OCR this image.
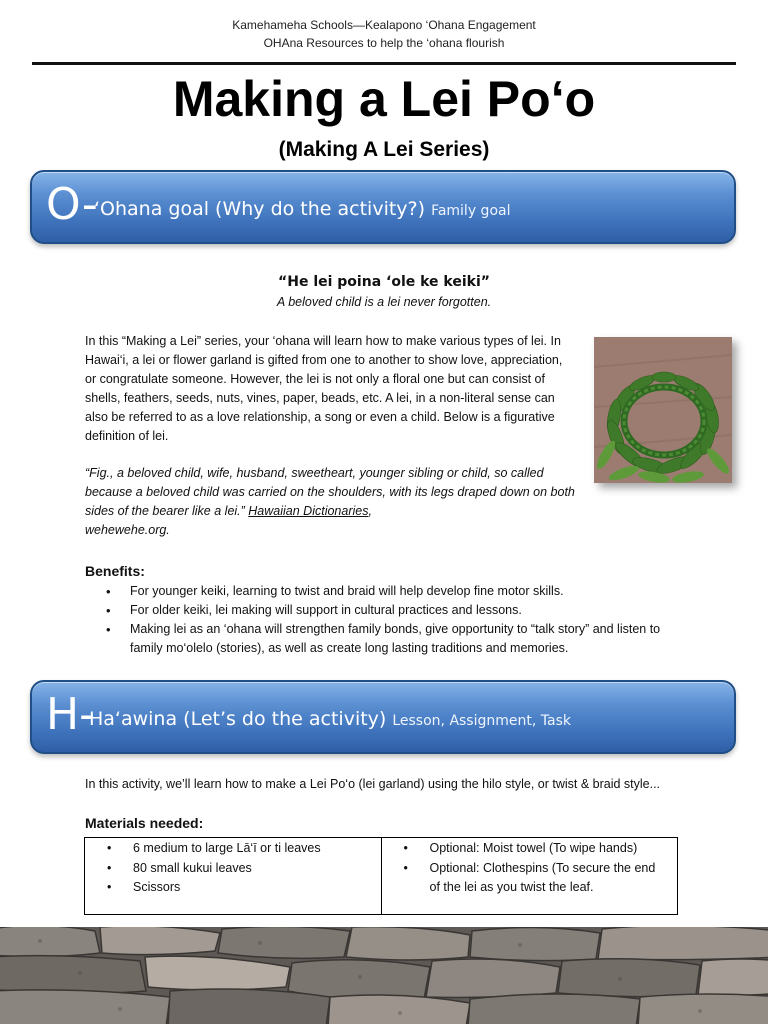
Kamehameha Schools—Kealapono ‘Ohana Engagement
OHAna Resources to help the ‘ohana flourish
Making a Lei Po‘o
(Making A Lei Series)
O-
‘Ohana goal (Why do the activity?) Family goal
“He lei poina ‘ole ke keiki”
A beloved child is a lei never forgotten.

In this “Making a Lei” series, your ‘ohana will learn how to make various types of lei. In Hawai‘i, a lei or flower garland is gifted from one to another to show love, appreciation, or congratulate someone. However, the lei is not only a floral one but can consist of shells, feathers, seeds, nuts, vines, paper, beads, etc. A lei, in a non-literal sense can also be referred to as a love relationship, a song or even a child. Below is a figurative definition of lei.

“Fig., a beloved child, wife, husband, sweetheart, younger sibling or child, so called because a beloved child was carried on the shoulders, with its legs draped down on both sides of the bearer like a lei.” Hawaiian Dictionaries,
wehewehe.org.

Benefits:
• For younger keiki, learning to twist and braid will help develop fine motor skills.
• For older keiki, lei making will support in cultural practices and lessons.
• Making lei as an ‘ohana will strengthen family bonds, give opportunity to “talk story” and listen to family mo‘olelo (stories), as well as create long lasting traditions and memories.
H-
Ha‘awina (Let’s do the activity) Lesson, Assignment, Task
In this activity, we’ll learn how to make a Lei Po‘o (lei garland) using the hilo style, or twist & braid style...
Materials needed:
• 6 medium to large Lā‘ī or ti leaves
• 80 small kukui leaves
• Scissors
• Optional: Moist towel (To wipe hands)
• Optional: Clothespins (To secure the end of the lei as you twist the leaf.
